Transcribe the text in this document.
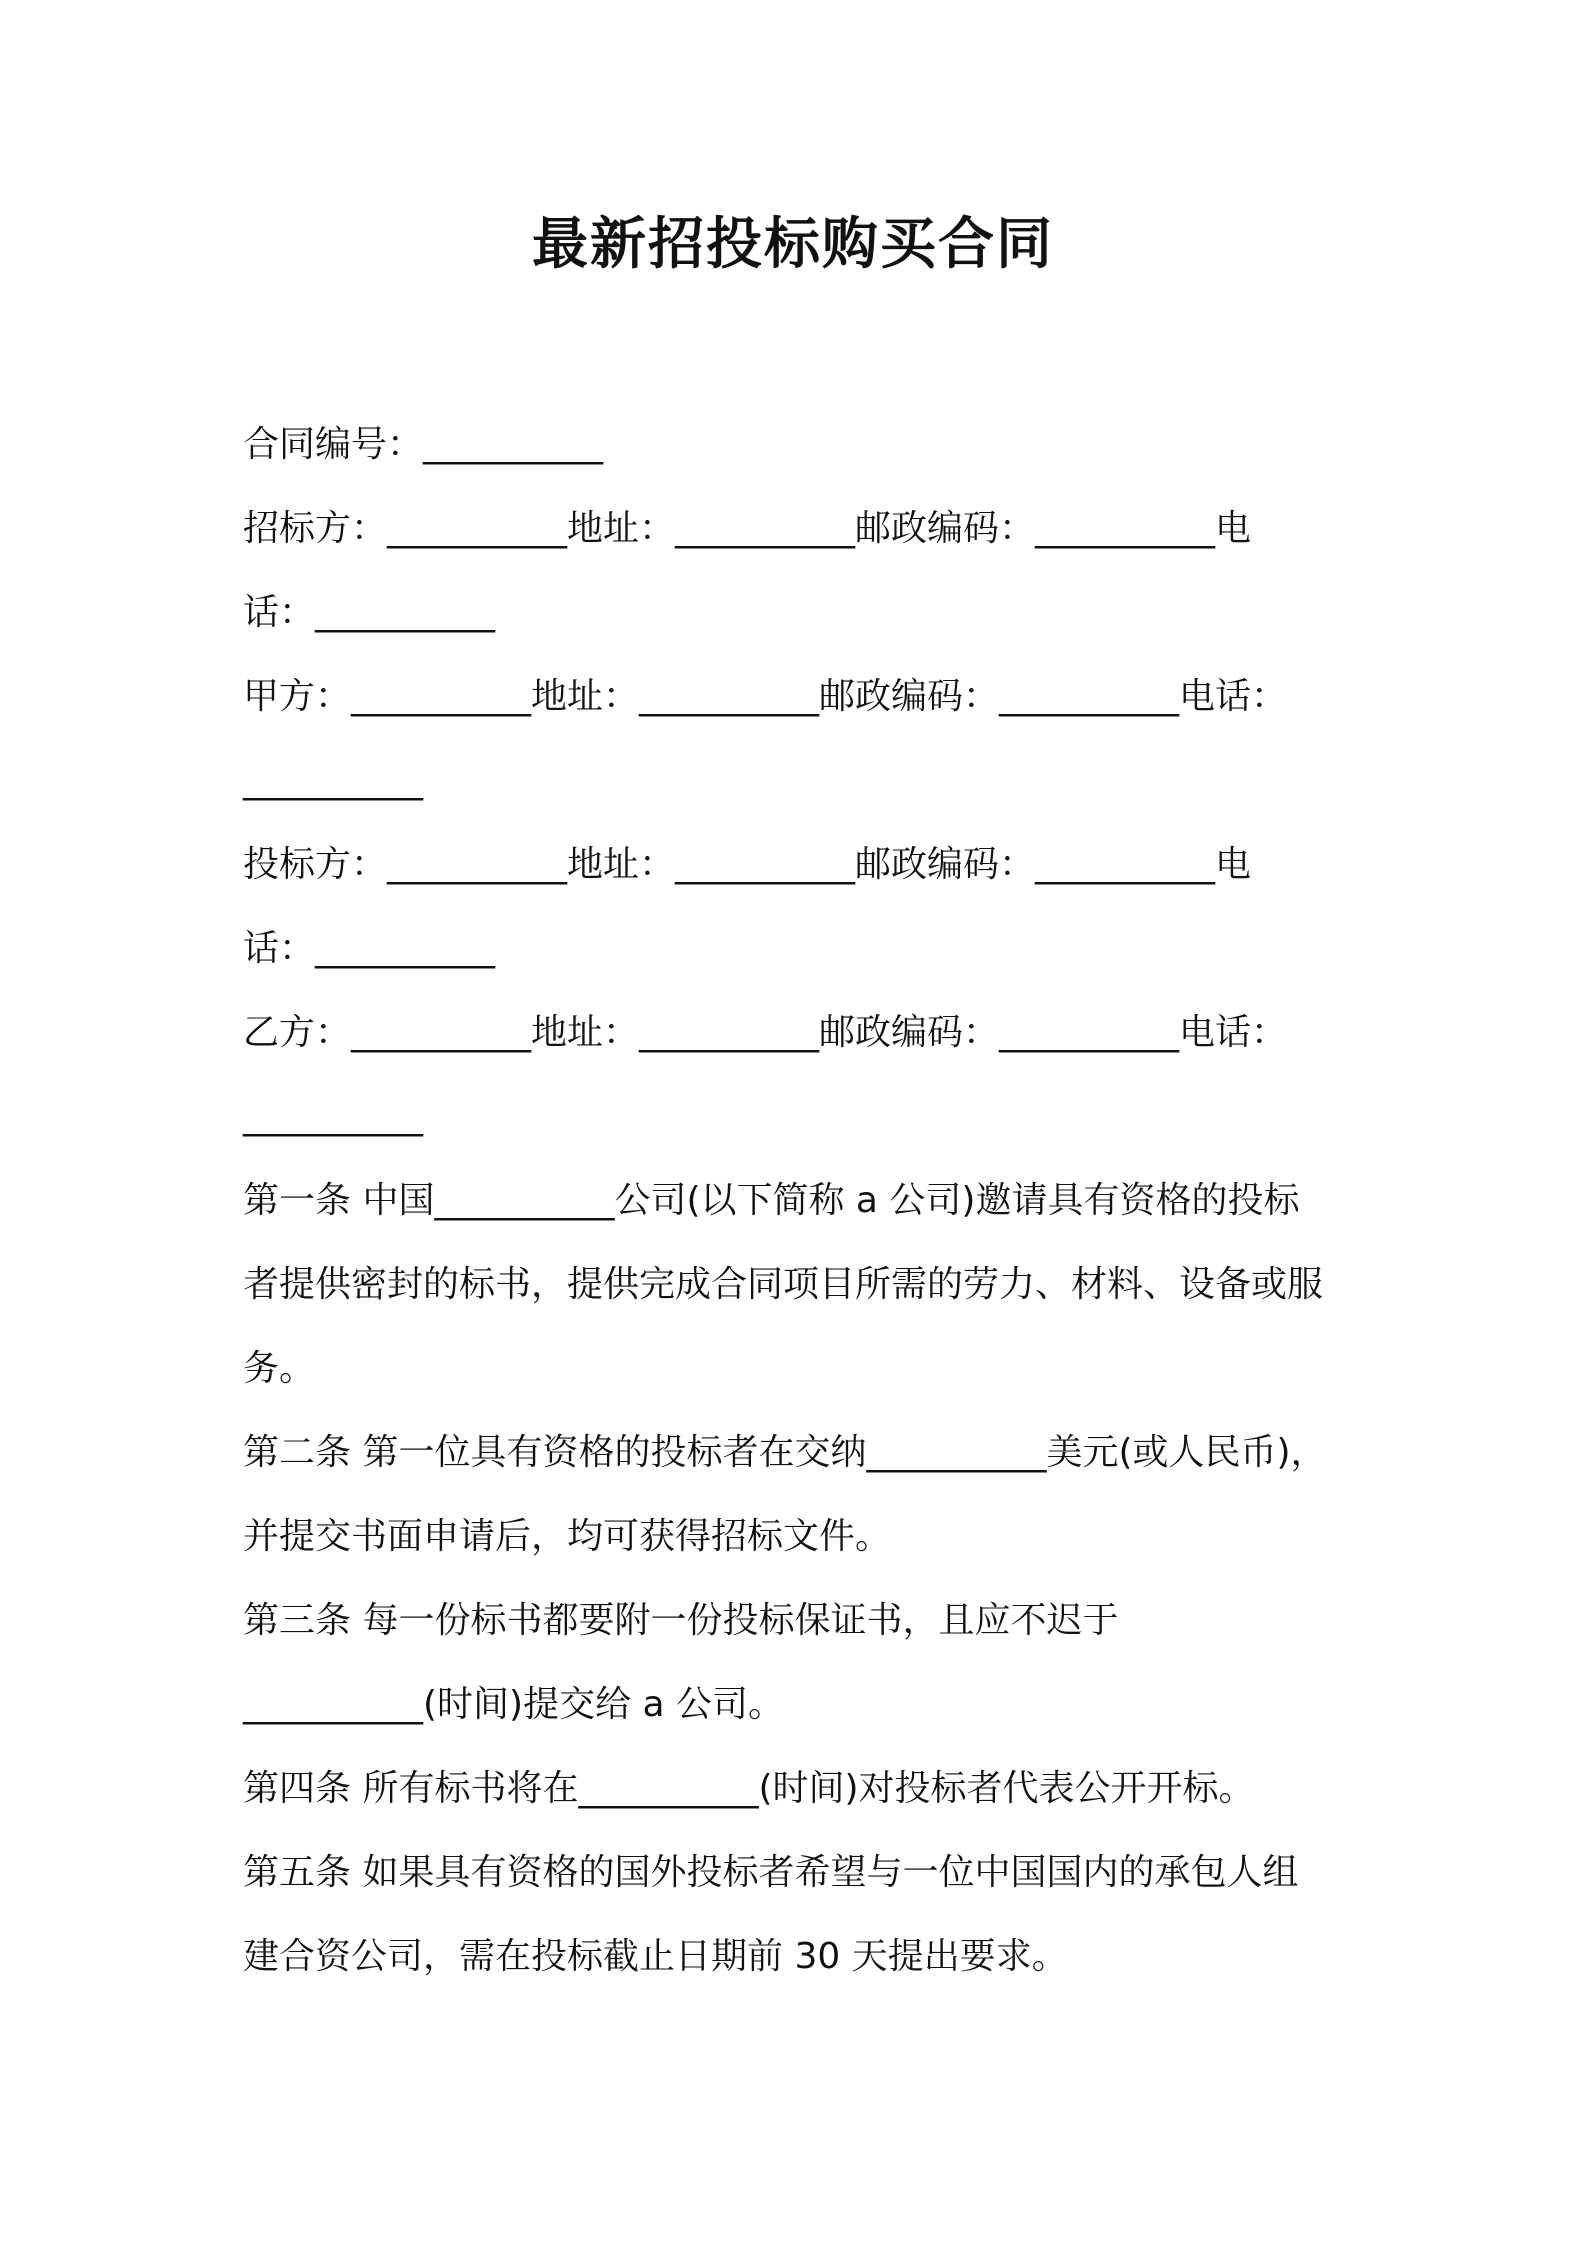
最新招投标购买合同
合同编号：__________
招标方：__________地址：__________邮政编码：__________电
话：__________
甲方：__________地址：__________邮政编码：__________电话：
__________
投标方：__________地址：__________邮政编码：__________电
话：__________
乙方：__________地址：__________邮政编码：__________电话：
__________
第一条 中国__________公司(以下简称 a 公司)邀请具有资格的投标
者提供密封的标书，提供完成合同项目所需的劳力、材料、设备或服
务。
第二条 第一位具有资格的投标者在交纳__________美元(或人民币)，
并提交书面申请后，均可获得招标文件。
第三条 每一份标书都要附一份投标保证书，且应不迟于
__________(时间)提交给 a 公司。
第四条 所有标书将在__________(时间)对投标者代表公开开标。
第五条 如果具有资格的国外投标者希望与一位中国国内的承包人组
建合资公司，需在投标截止日期前 30 天提出要求。
